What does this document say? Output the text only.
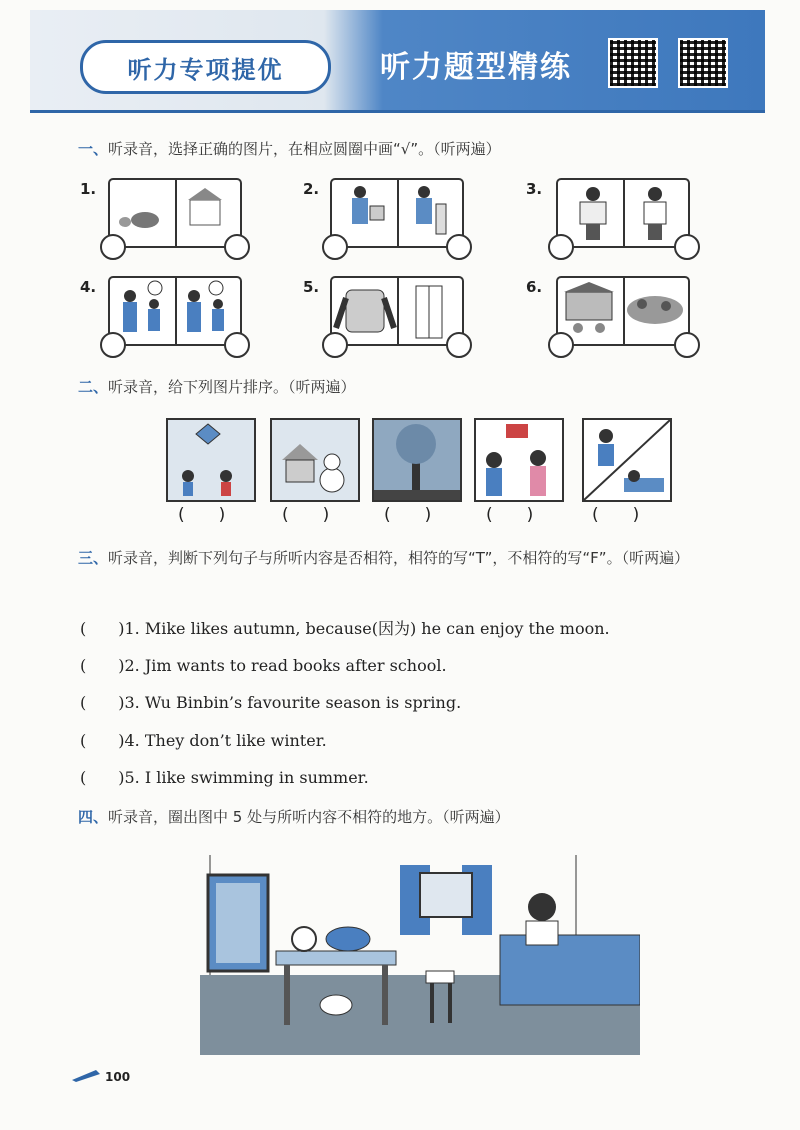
听力专项提优	听力题型精练
一、听录音，选择正确的图片，在相应圆圈中画“√”。（听两遍）
1.	2.	3.
4.	5.	6.
二、听录音，给下列图片排序。（听两遍）
(　　)	(　　)	(　　)	(　　)	(　　)
三、听录音，判断下列句子与所听内容是否相符，相符的写“T”，不相符的写“F”。（听两遍）
(　　)1. Mike likes autumn, because(因为) he can enjoy the moon.
(　　)2. Jim wants to read books after school.
(　　)3. Wu Binbin’s favourite season is spring.
(　　)4. They don’t like winter.
(　　)5. I like swimming in summer.
四、听录音，圈出图中 5 处与所听内容不相符的地方。（听两遍）
100
